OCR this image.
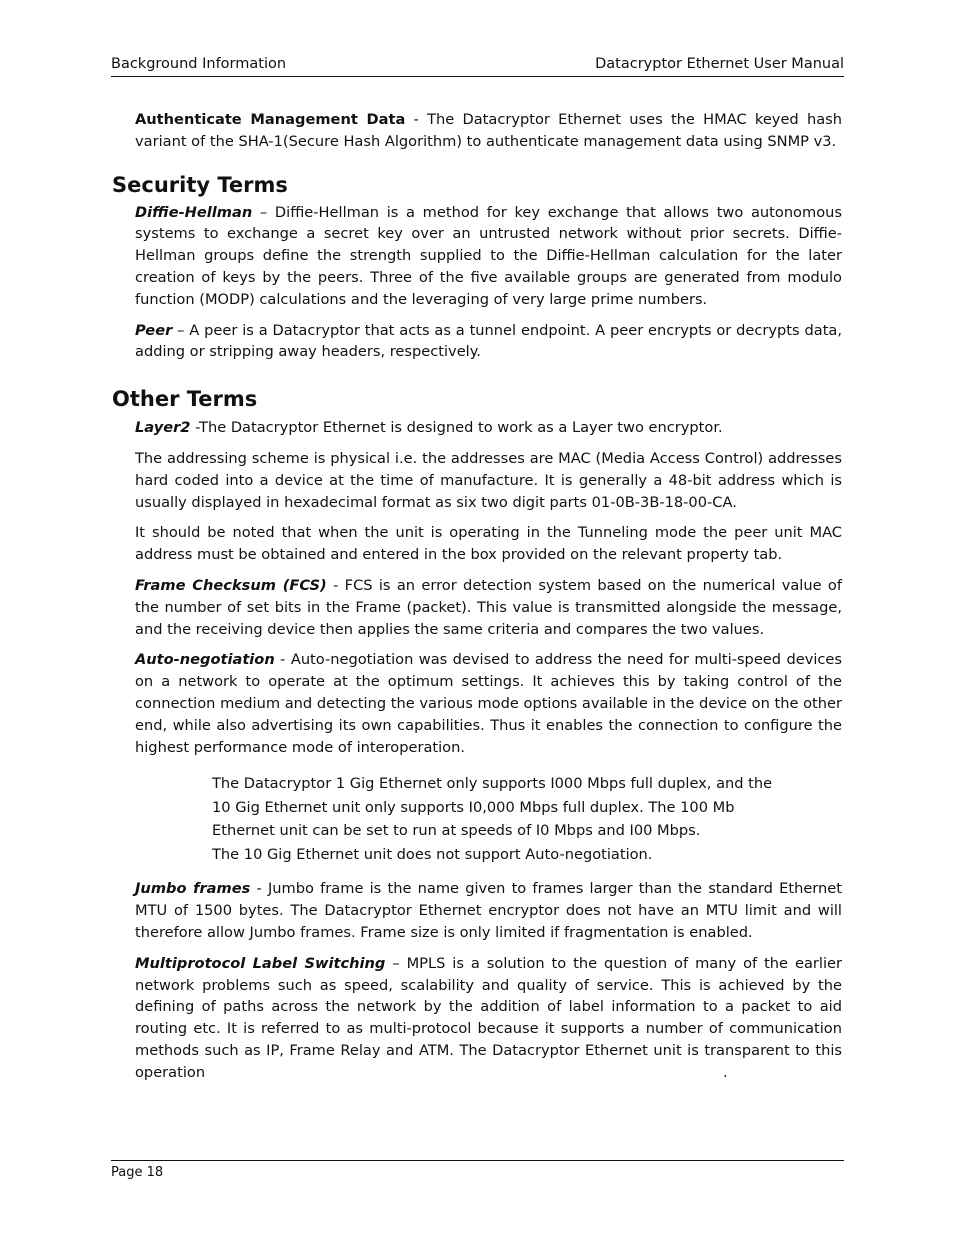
Background Information	Datacryptor Ethernet User Manual

Authenticate Management Data - The Datacryptor Ethernet uses the HMAC keyed hash variant of the SHA-1(Secure Hash Algorithm) to authenticate management data using SNMP v3.

Security Terms

Diffie-Hellman – Diffie-Hellman is a method for key exchange that allows two autonomous systems to exchange a secret key over an untrusted network without prior secrets. Diffie-Hellman groups define the strength supplied to the Diffie-Hellman calculation for the later creation of keys by the peers. Three of the five available groups are generated from modulo function (MODP) calculations and the leveraging of very large prime numbers.

Peer – A peer is a Datacryptor that acts as a tunnel endpoint. A peer encrypts or decrypts data, adding or stripping away headers, respectively.

Other Terms

Layer2 -The Datacryptor Ethernet is designed to work as a Layer two encryptor.

The addressing scheme is physical i.e. the addresses are MAC (Media Access Control) addresses hard coded into a device at the time of manufacture. It is generally a 48-bit address which is usually displayed in hexadecimal format as six two digit parts 01-0B-3B-18-00-CA.

It should be noted that when the unit is operating in the Tunneling mode the peer unit MAC address must be obtained and entered in the box provided on the relevant property tab.

Frame Checksum (FCS) - FCS is an error detection system based on the numerical value of the number of set bits in the Frame (packet). This value is transmitted alongside the message, and the receiving device then applies the same criteria and compares the two values.

Auto-negotiation - Auto-negotiation was devised to address the need for multi-speed devices on a network to operate at the optimum settings. It achieves this by taking control of the connection medium and detecting the various mode options available in the device on the other end, while also advertising its own capabilities. Thus it enables the connection to configure the highest performance mode of interoperation.

The Datacryptor 1 Gig Ethernet only supports I000 Mbps full duplex, and the
10 Gig Ethernet unit only supports I0,000 Mbps full duplex. The 100 Mb
Ethernet unit can be set to run at speeds of I0 Mbps and I00 Mbps.
The 10 Gig Ethernet unit does not support Auto-negotiation.

Jumbo frames - Jumbo frame is the name given to frames larger than the standard Ethernet MTU of 1500 bytes. The Datacryptor Ethernet encryptor does not have an MTU limit and will therefore allow Jumbo frames. Frame size is only limited if fragmentation is enabled.

Multiprotocol Label Switching – MPLS is a solution to the question of many of the earlier network problems such as speed, scalability and quality of service. This is achieved by the defining of paths across the network by the addition of label information to a packet to aid routing etc. It is referred to as multi-protocol because it supports a number of communication methods such as IP, Frame Relay and ATM. The Datacryptor Ethernet unit is transparent to this operation	.

Page 18
